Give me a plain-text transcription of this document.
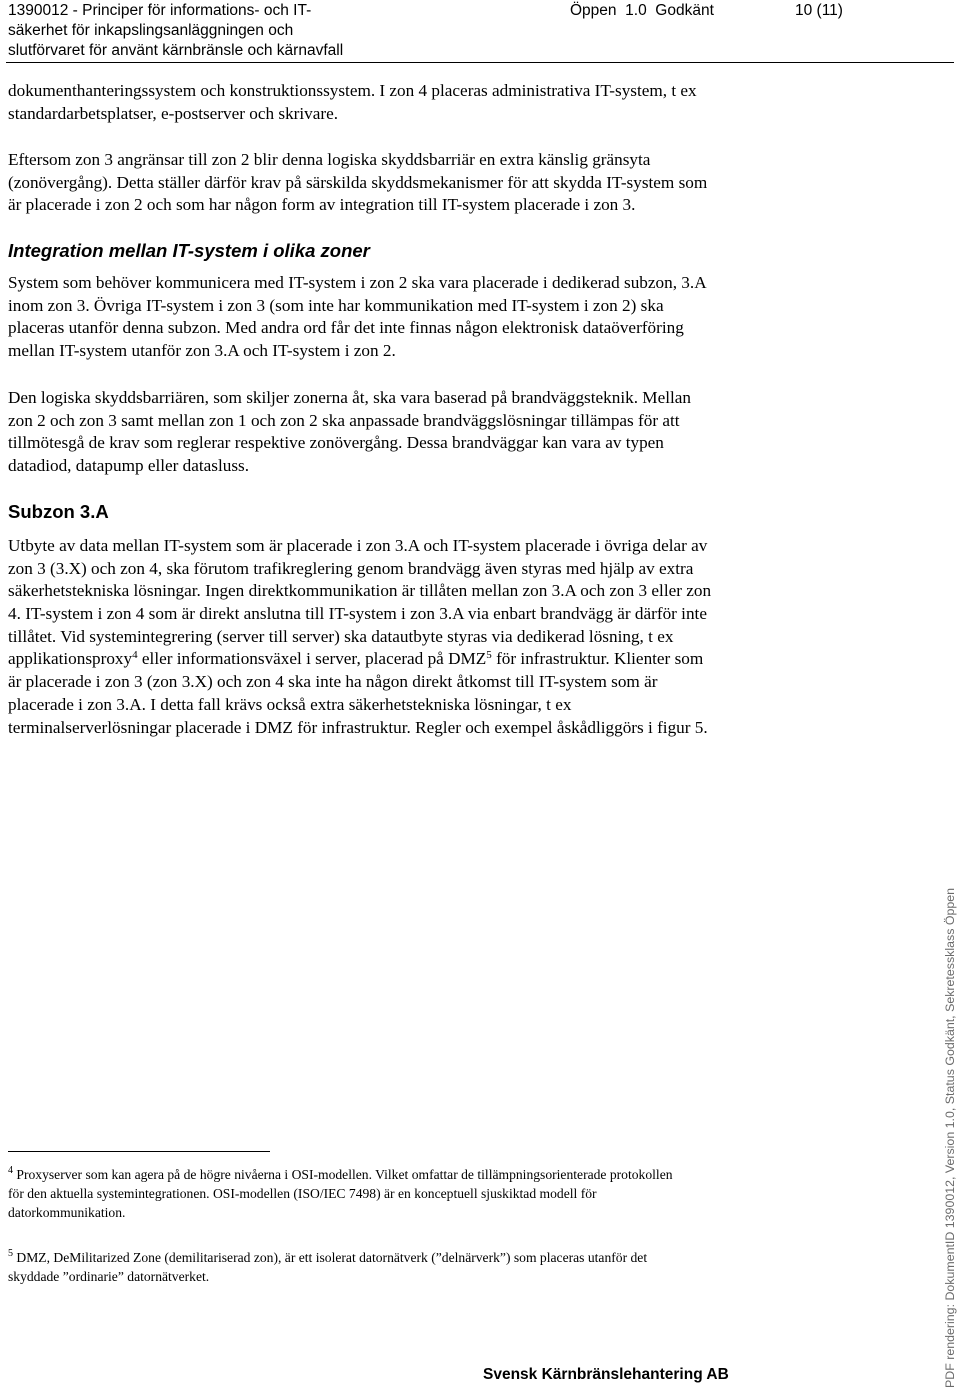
1390012 - Principer för informations- och IT-
säkerhet för inkapslingsanläggningen och
slutförvaret för använt kärnbränsle och kärnavfall
Öppen  1.0  Godkänt	10 (11)
dokumenthanteringssystem och konstruktionssystem. I zon 4 placeras administrativa IT-system, t ex
standardarbetsplatser, e-postserver och skrivare.
Eftersom zon 3 angränsar till zon 2 blir denna logiska skyddsbarriär en extra känslig gränsyta
(zonövergång). Detta ställer därför krav på särskilda skyddsmekanismer för att skydda IT-system som
är placerade i zon 2 och som har någon form av integration till IT-system placerade i zon 3.
Integration mellan IT-system i olika zoner
System som behöver kommunicera med IT-system i zon 2 ska vara placerade i dedikerad subzon, 3.A
inom zon 3. Övriga IT-system i zon 3 (som inte har kommunikation med IT-system i zon 2) ska
placeras utanför denna subzon. Med andra ord får det inte finnas någon elektronisk dataöverföring
mellan IT-system utanför zon 3.A och IT-system i zon 2.
Den logiska skyddsbarriären, som skiljer zonerna åt, ska vara baserad på brandväggsteknik. Mellan
zon 2 och zon 3 samt mellan zon 1 och zon 2 ska anpassade brandväggslösningar tillämpas för att
tillmötesgå de krav som reglerar respektive zonövergång. Dessa brandväggar kan vara av typen
datadiod, datapump eller datasluss.
Subzon 3.A
Utbyte av data mellan IT-system som är placerade i zon 3.A och IT-system placerade i övriga delar av
zon 3 (3.X) och zon 4, ska förutom trafikreglering genom brandvägg även styras med hjälp av extra
säkerhetstekniska lösningar. Ingen direktkommunikation är tillåten mellan zon 3.A och zon 3 eller zon
4. IT-system i zon 4 som är direkt anslutna till IT-system i zon 3.A via enbart brandvägg är därför inte
tillåtet. Vid systemintegrering (server till server) ska datautbyte styras via dedikerad lösning, t ex
applikationsproxy$^4$ eller informationsväxel i server, placerad på DMZ$^5$ för infrastruktur. Klienter som
är placerade i zon 3 (zon 3.X) och zon 4 ska inte ha någon direkt åtkomst till IT-system som är
placerade i zon 3.A. I detta fall krävs också extra säkerhetstekniska lösningar, t ex
terminalserverlösningar placerade i DMZ för infrastruktur. Regler och exempel åskådliggörs i figur 5.
$^4$ Proxyserver som kan agera på de högre nivåerna i OSI-modellen. Vilket omfattar de tillämpningsorienterade protokollen
för den aktuella systemintegrationen. OSI-modellen (ISO/IEC 7498) är en konceptuell sjuskiktad modell för
datorkommunikation.
$^5$ DMZ, DeMilitarized Zone (demilitariserad zon), är ett isolerat datornätverk (”delnärverk”) som placeras utanför det
skyddade ”ordinarie” datornätverket.
Svensk Kärnbränslehantering AB	PDF rendering: DokumentID 1390012, Version 1.0, Status Godkänt, Sekretessklass Öppen
